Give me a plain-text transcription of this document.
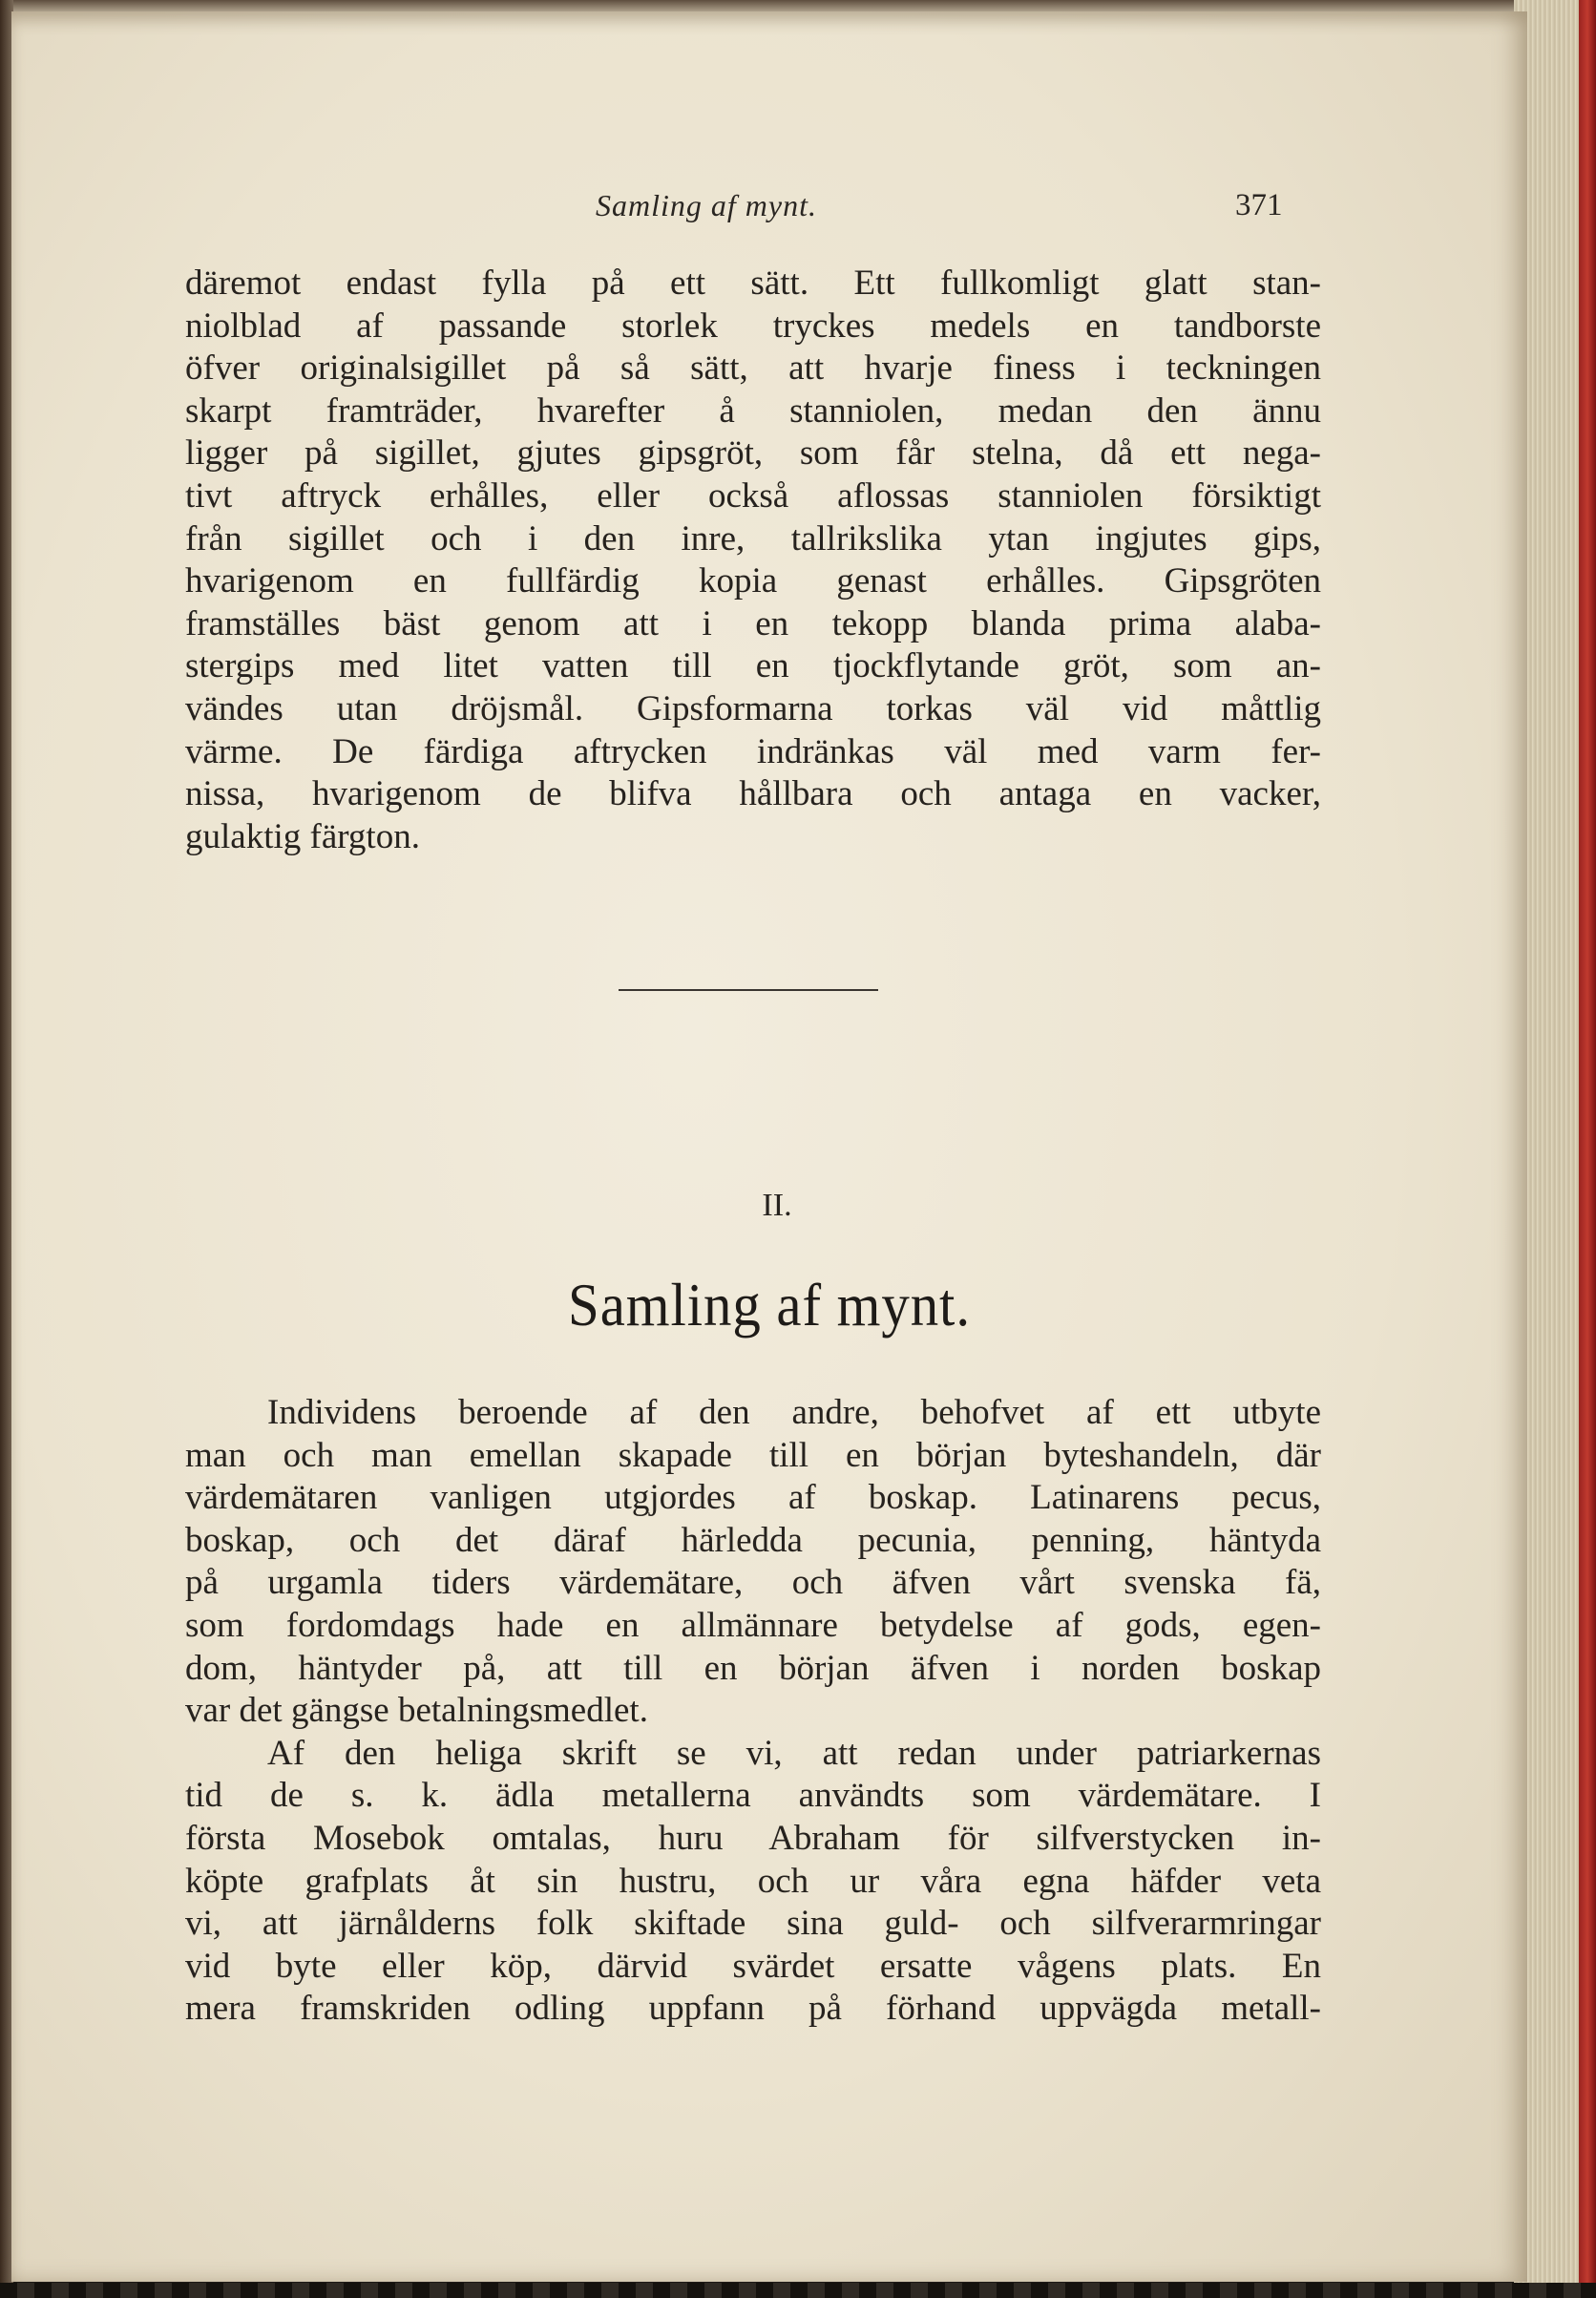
Samling af mynt.	371
däremot endast fylla på ett sätt. Ett fullkomligt glatt stan-
niolblad af passande storlek tryckes medels en tandborste
öfver originalsigillet på så sätt, att hvarje finess i teckningen
skarpt framträder, hvarefter å stanniolen, medan den ännu
ligger på sigillet, gjutes gipsgröt, som får stelna, då ett nega-
tivt aftryck erhålles, eller också aflossas stanniolen försiktigt
från sigillet och i den inre, tallrikslika ytan ingjutes gips,
hvarigenom en fullfärdig kopia genast erhålles. Gipsgröten
framställes bäst genom att i en tekopp blanda prima alaba-
stergips med litet vatten till en tjockflytande gröt, som an-
vändes utan dröjsmål. Gipsformarna torkas väl vid måttlig
värme. De färdiga aftrycken indränkas väl med varm fer-
nissa, hvarigenom de blifva hållbara och antaga en vacker,
gulaktig färgton.
II.
Samling af mynt.
Individens beroende af den andre, behofvet af ett utbyte
man och man emellan skapade till en början byteshandeln, där
värdemätaren vanligen utgjordes af boskap. Latinarens pecus,
boskap, och det däraf härledda pecunia, penning, häntyda
på urgamla tiders värdemätare, och äfven vårt svenska fä,
som fordomdags hade en allmännare betydelse af gods, egen-
dom, häntyder på, att till en början äfven i norden boskap
var det gängse betalningsmedlet.
Af den heliga skrift se vi, att redan under patriarkernas
tid de s. k. ädla metallerna användts som värdemätare. I
första Mosebok omtalas, huru Abraham för silfverstycken in-
köpte grafplats åt sin hustru, och ur våra egna häfder veta
vi, att järnålderns folk skiftade sina guld- och silfverarmringar
vid byte eller köp, därvid svärdet ersatte vågens plats. En
mera framskriden odling uppfann på förhand uppvägda metall-
